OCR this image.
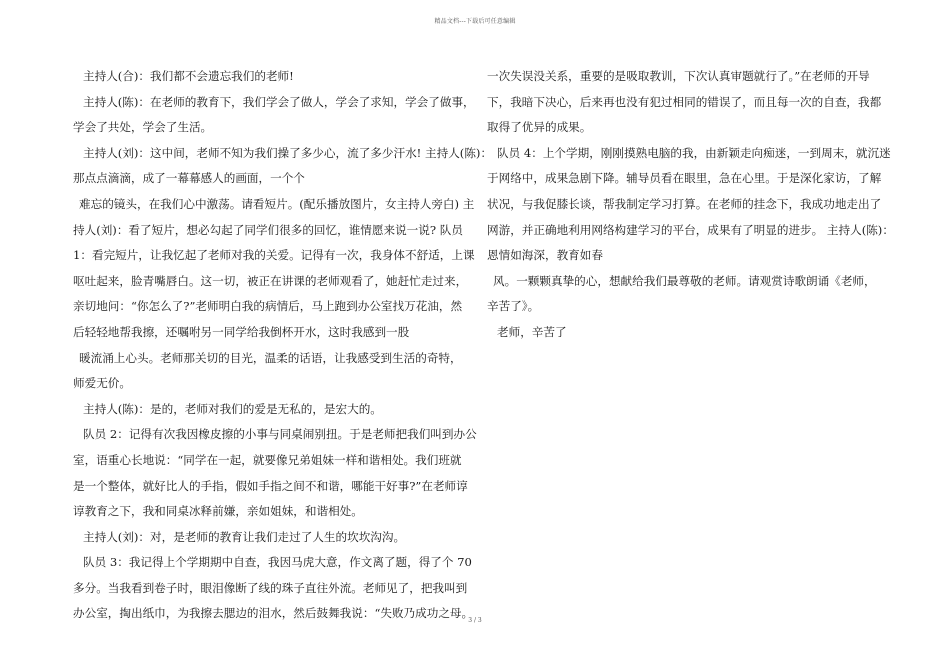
精品文档---下载后可任意编辑
主持人(合)：我们都不会遗忘我们的老师!
主持人(陈)：在老师的教育下，我们学会了做人，学会了求知，学会了做事，
学会了共处，学会了生活。
主持人(刘)：这中间，老师不知为我们操了多少心，流了多少汗水! 主持人(陈)：
那点点滴滴，成了一幕幕感人的画面，一个个
难忘的镜头，在我们心中激荡。请看短片。(配乐播放图片，女主持人旁白) 主
持人(刘)：看了短片，想必勾起了同学们很多的回忆，谁情愿来说一说? 队员
1：看完短片，让我忆起了老师对我的关爱。记得有一次，我身体不舒适，上课
呕吐起来，脸青嘴唇白。这一切，被正在讲课的老师观看了，她赶忙走过来，
亲切地问：“你怎么了?”老师明白我的病情后，马上跑到办公室找万花油，然
后轻轻地帮我擦，还嘱咐另一同学给我倒杯开水，这时我感到一股
暖流涌上心头。老师那关切的目光，温柔的话语，让我感受到生活的奇特，
师爱无价。
主持人(陈)：是的，老师对我们的爱是无私的，是宏大的。
队员 2：记得有次我因橡皮擦的小事与同桌闹别扭。于是老师把我们叫到办公
室，语重心长地说：“同学在一起，就要像兄弟姐妹一样和谐相处。我们班就
是一个整体，就好比人的手指，假如手指之间不和谐，哪能干好事?”在老师谆
谆教育之下，我和同桌冰释前嫌，亲如姐妹，和谐相处。
主持人(刘)：对，是老师的教育让我们走过了人生的坎坎沟沟。
队员 3：我记得上个学期期中自查，我因马虎大意，作文离了题，得了个 70
多分。当我看到卷子时，眼泪像断了线的珠子直往外流。老师见了，把我叫到
办公室，掏出纸巾，为我擦去腮边的泪水，然后鼓舞我说：“失败乃成功之母。
一次失误没关系，重要的是吸取教训，下次认真审题就行了。”在老师的开导
下，我暗下决心，后来再也没有犯过相同的错误了，而且每一次的自查，我都
取得了优异的成果。
队员 4：上个学期，刚刚摸熟电脑的我，由新颖走向痴迷，一到周末，就沉迷
于网络中，成果急剧下降。辅导员看在眼里，急在心里。于是深化家访，了解
状况，与我促膝长谈，帮我制定学习打算。在老师的挂念下，我成功地走出了
网游，并正确地利用网络构建学习的平台，成果有了明显的进步。 主持人(陈)：
恩情如海深，教育如春
风。一颗颗真挚的心，想献给我们最尊敬的老师。请观赏诗歌朗诵《老师，
辛苦了》。
老师，辛苦了
3 / 3
